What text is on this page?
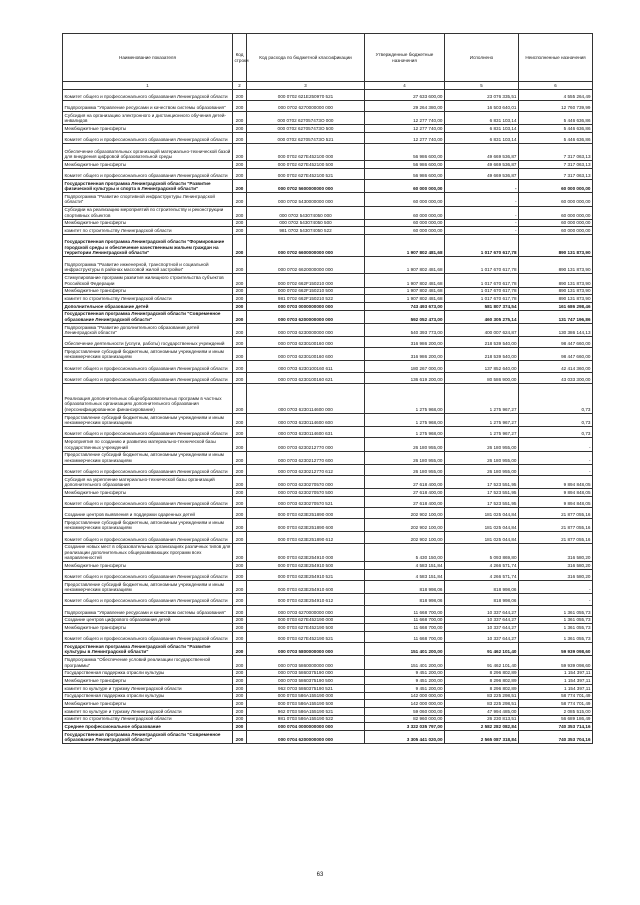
Наименование показателя	Код строки	Код расхода по бюджетной классификации	Утвержденные бюджетные назначения	Исполнено	Неисполненные назначения
1	2	3	4	5	6
Комитет общего и профессионального образования Ленинградской области	200	000 0702 621Е250970 521	27 633 600,00	23 076 335,51	4 555 264,49
Подпрограмма "Управление ресурсами и качеством системы образования"	200	000 0702 6270000000 000	29 264 380,00	16 503 640,01	12 760 739,99
Субсидия на организацию электронного и дистанционного обучения детей-инвалидов	200	000 0702 627057473О 000	12 277 740,00	6 831 103,14	5 446 636,86
Межбюджетные трансферты	200	000 0702 627057473О 500	12 277 740,00	6 831 103,14	5 446 636,86
Комитет общего и профессионального образования Ленинградской области	200	000 0702 627057473О 521	12 277 740,00	6 831 103,14	5 446 636,86
Обеспечение образовательных организаций материально-технической базой для внедрения цифровой образовательной среды	200	000 0702 627Е452100 000	56 986 600,00	49 669 536,87	7 317 063,13
Межбюджетные трансферты	200	000 0702 627Е452100 500	56 986 600,00	49 669 536,87	7 317 063,13
Комитет общего и профессионального образования Ленинградской области	200	000 0702 627Е452100 521	56 986 600,00	49 669 536,87	7 317 063,13
Государственная программа Ленинградской области "Развитие физической культуры и спорта в Ленинградской области"	200	000 0702 5600000000 000	60 000 000,00	-	60 000 000,00
Подпрограмма "Развитие спортивной инфраструктуры Ленинградской области"	200	000 0702 5430000000 000	60 000 000,00	-	60 000 000,00
Субсидии на реализацию мероприятий по строительству и реконструкции спортивных объектов	200	000 0702 543074050 000	60 000 000,00	-	60 000 000,00
Межбюджетные трансферты	200	000 0702 543074050 500	60 000 000,00	-	60 000 000,00
комитет по строительству Ленинградской области	200	981 0702 543074050 522	60 000 000,00	-	60 000 000,00
Государственная программа Ленинградской области "Формирование городской среды и обеспечение качественным жильем граждан на территории Ленинградской области"	200	000 0702 6600000000 000	1 907 802 481,68	1 017 670 617,78	890 131 873,90
Подпрограмма "Развитие инженерной, транспортной и социальной инфраструктуры в районах массовой жилой застройки"	200	000 0702 6620000000 000	1 907 802 481,68	1 017 670 617,78	890 131 873,90
Стимулирование программ развития жилищного строительства субъектов Российской Федерации	200	000 0702 662F150210 000	1 907 802 481,68	1 017 670 617,78	890 131 873,90
Межбюджетные трансферты	200	000 0702 662F150210 500	1 907 802 481,68	1 017 670 617,78	890 131 873,90
комитет по строительству Ленинградской области	200	981 0702 662F150210 522	1 907 802 481,68	1 017 670 617,78	890 131 873,90
Дополнительное образование детей	200	000 0703 0000000000 000	743 493 673,00	581 807 374,54	161 686 298,46
Государственная программа Ленинградской области "Современное образование Ленинградской области"	200	000 0703 6200000000 000	592 052 473,00	460 305 275,14	131 747 196,86
Подпрограмма "Развитие дополнительного образования детей Ленинградской области"	200	000 0703 6230000000 000	540 393 773,00	400 007 624,87	130 386 144,13
Обеспечение деятельности (услуги, работы) государственных учреждений	200	000 0703 6230100160 000	316 986 200,00	218 539 540,00	98 447 660,00
Предоставление субсидий бюджетным, автономным учреждениям и иным некоммерческим организациям	200	000 0703 6230100160 600	316 986 200,00	218 539 540,00	98 447 660,00
Комитет общего и профессионального образования Ленинградской области	200	000 0703 6230100160 611	180 267 000,00	137 852 640,00	42 414 360,00
Комитет общего и профессионального образования Ленинградской области	200	000 0703 6230100160 621	136 619 200,00	80 586 900,00	43 033 300,00
Реализация дополнительных общеобразовательных программ в частных образовательных организациях дополнительного образования (персонифицированное финансирование)	200	000 0703 6230114600 000	1 275 968,00	1 275 967,27	0,73
Предоставление субсидий бюджетным, автономным учреждениям и иным некоммерческим организациям	200	000 0703 6230114600 600	1 275 968,00	1 275 967,27	0,73
Комитет общего и профессионального образования Ленинградской области	200	000 0703 6230114600 631	1 275 968,00	1 275 967,27	0,73
Мероприятия по созданию и развитию материально-технической базы государственных учреждений	200	000 0703 6230212770 000	26 180 955,00	26 180 955,00	-
Предоставление субсидий бюджетным, автономным учреждениям и иным некоммерческим организациям	200	000 0703 6230212770 600	26 180 955,00	26 180 955,00	-
Комитет общего и профессионального образования Ленинградской области	200	000 0703 6230212770 612	26 180 955,00	26 180 955,00	-
Субсидия на укрепление материально-технической базы организаций дополнительного образования	200	000 0703 6230270570 000	27 618 400,00	17 523 551,95	9 894 848,05
Межбюджетные трансферты	200	000 0703 6230270570 500	27 618 400,00	17 523 551,95	9 894 848,05
Комитет общего и профессионального образования Ленинградской области	200	000 0703 6230270570 521	27 618 400,00	17 523 551,95	9 894 848,05
Создание центров выявления и поддержки одаренных детей	200	000 0703 623Е251890 000	202 902 100,00	181 025 044,84	21 877 055,16
Предоставление субсидий бюджетным, автономным учреждениям и иным некоммерческим организациям	200	000 0703 623Е251890 600	202 902 100,00	181 025 044,84	21 877 055,16
Комитет общего и профессионального образования Ленинградской области	200	000 0703 623Е251890 612	202 902 100,00	181 025 044,84	21 877 055,16
Создание новых мест в образовательных организациях различных типов для реализации дополнительных общеразвивающих программ всех направленностей	200	000 0703 623Е254910 000	5 430 150,00	5 093 869,80	316 580,20
Межбюджетные трансферты	200	000 0703 623Е254910 500	4 583 151,84	4 266 571,74	316 580,20
Комитет общего и профессионального образования Ленинградской области	200	000 0703 623Е254910 521	4 583 151,84	4 266 571,74	316 580,20
Предоставление субсидий бюджетным, автономным учреждениям и иным некоммерческим организациям	200	000 0703 623Е254910 600	818 998,06	818 998,06	-
Комитет общего и профессионального образования Ленинградской области	200	000 0703 623Е254910 612	818 998,06	818 998,06	-
Подпрограмма "Управление ресурсами и качеством системы образования"	200	000 0703 6270000000 000	11 668 700,00	10 337 644,27	1 361 055,73
Создание центров цифрового образования детей	200	000 0703 627Е452190 000	11 668 700,00	10 337 644,27	1 361 055,73
Межбюджетные трансферты	200	000 0703 627Е452190 500	11 668 700,00	10 337 644,27	1 361 055,73
Комитет общего и профессионального образования Ленинградской области	200	000 0703 627Е452190 521	11 668 700,00	10 337 644,27	1 361 055,73
Государственная программа Ленинградской области "Развитие культуры в Ленинградской области"	200	000 0703 5800000000 000	151 401 200,00	91 462 101,40	59 939 098,60
Подпрограмма "Обеспечение условий реализации государственной программы"	200	000 0703 5860000000 000	151 401 200,00	91 462 101,40	59 939 098,60
Государственная поддержка отрасли культуры	200	000 0703 5860375190 000	9 451 200,00	8 296 802,89	1 154 397,11
Межбюджетные трансферты	200	000 0703 5860375190 500	9 451 200,00	8 296 802,89	1 154 397,11
комитет по культуре и туризму Ленинградской области	200	962 0703 5860375190 521	9 451 200,00	8 296 802,89	1 154 397,11
Государственная поддержка отрасли культуры	200	000 0703 586A155190 000	142 000 000,00	83 225 298,51	58 774 701,49
Межбюджетные трансферты	200	000 0703 586A155190 500	142 000 000,00	83 225 298,51	58 774 701,49
комитет по культуре и туризму Ленинградской области	200	962 0703 586A155190 521	59 060 000,00	47 994 485,00	2 085 515,00
комитет по строительству Ленинградской области	200	981 0703 586A155190 522	82 960 000,00	26 230 813,51	56 689 186,49
Среднее профессиональное образование	200	000 0704 0000000000 000	3 322 035 797,00	2 582 282 082,84	740 353 714,16
Государственная программа Ленинградской области "Современное образование Ленинградской области"	200	000 0704 6200000000 000	3 305 441 020,00	2 565 087 318,84	740 353 704,16
63
